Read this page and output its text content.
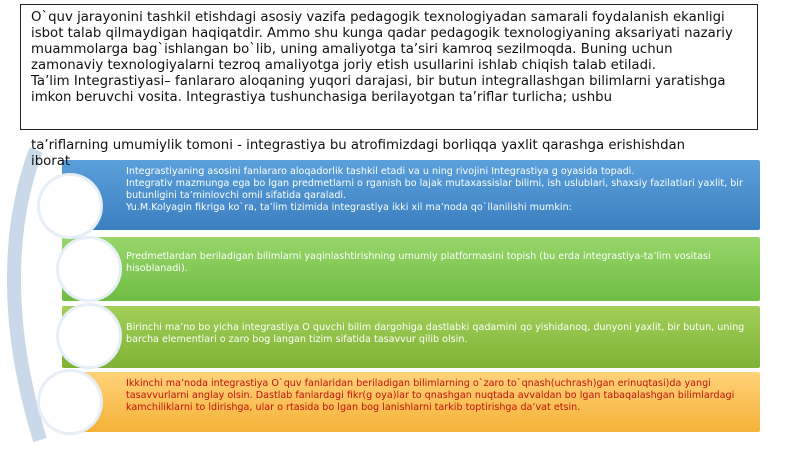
Integrastiyaning asosini fanlararo aloqadorlik tashkil etadi va u ning rivojini Integrastiya g oyasida topadi.
Integrativ mazmunga ega bo lgan predmetlarni o rganish bo lajak mutaxassislar bilimi, ish uslublari, shaxsiy fazilatlari yaxlit, bir butunligini ta’minlovchi omil sifatida qaraladi.
Yu.M.Kolyagin fikriga ko`ra, ta’lim tizimida integrastiya ikki xil ma’noda qo`llanilishi mumkin:
Predmetlardan beriladigan bilimlarni yaqinlashtirishning umumiy platformasini topish (bu erda integrastiya-ta’lim vositasi hisoblanadi).
Birinchi ma’no bo yicha integrastiya O quvchi bilim dargohiga dastlabki qadamini qo yishidanoq, dunyoni yaxlit, bir butun, uning barcha elementlari o zaro bog langan tizim sifatida tasavvur qilib olsin.
Ikkinchi ma’noda integrastiya O`quv fanlaridan beriladigan bilimlarning o`zaro to`qnash(uchrash)gan erinuqtasi)da yangi tasavvurlarni anglay olsin. Dastlab fanlardagi fikr(g oya)lar to qnashgan nuqtada avvaldan bo lgan tabaqalashgan bilimlardagi kamchiliklarni to ldirishga, ular o rtasida bo lgan bog lanishlarni tarkib toptirishga da’vat etsin.

O`quv jarayonini tashkil etishdagi asosiy vazifa pedagogik texnologiyadan samarali foydalanish ekanligi isbot talab qilmaydigan haqiqatdir. Ammo shu kunga qadar pedagogik texnologiyaning aksariyati nazariy muammolarga bag`ishlangan bo`lib, uning amaliyotga ta’siri kamroq sezilmoqda. Buning uchun zamonaviy texnologiyalarni tezroq amaliyotga joriy etish usullarini ishlab chiqish talab etiladi.

Ta’lim Integrastiyasi– fanlararo aloqaning yuqori darajasi, bir butun integrallashgan bilimlarni yaratishga imkon beruvchi vosita. Integrastiya tushunchasiga berilayotgan ta’riflar turlicha; ushbu

ta’riflarning umumiylik tomoni - integrastiya bu atrofimizdagi borliqqa yaxlit qarashga erishishdan
iborat
